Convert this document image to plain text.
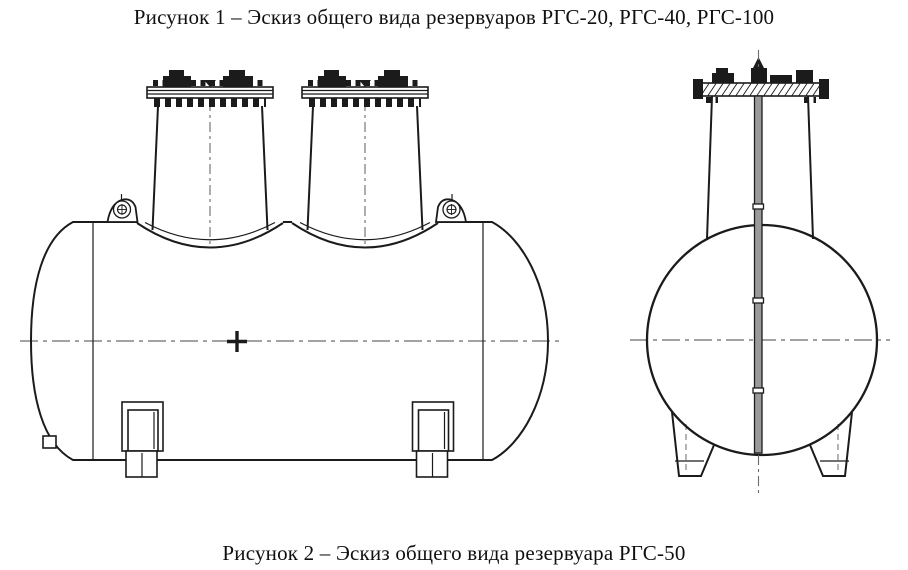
Рисунок 1 – Эскиз общего вида резервуаров РГС-20, РГС-40, РГС-100
Рисунок 2 – Эскиз общего вида резервуара РГС-50
